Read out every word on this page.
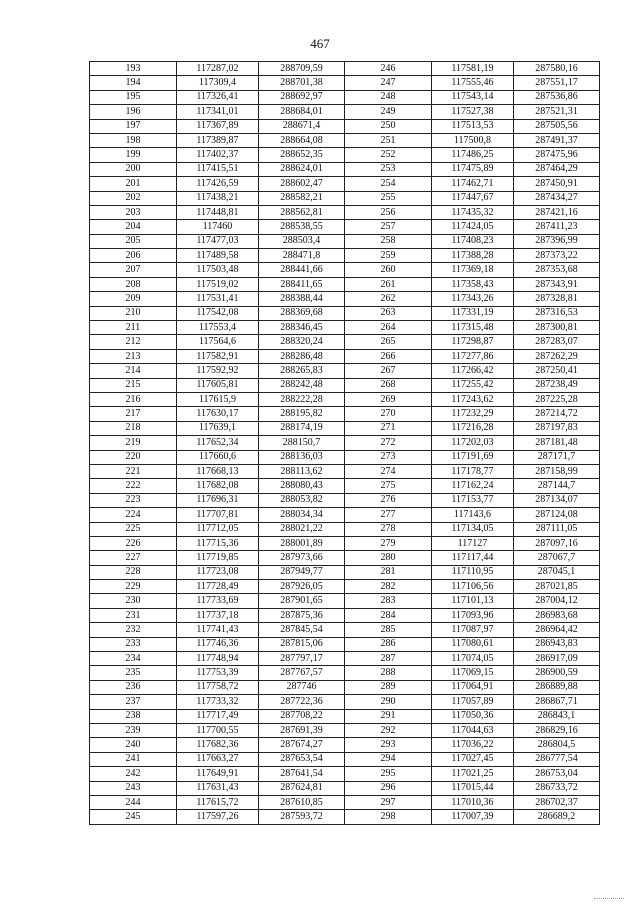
467
193	117287,02	288709,59	246	117581,19	287580,16
194	117309,4	288701,38	247	117555,46	287551,17
195	117326,41	288692,97	248	117543,14	287536,86
196	117341,01	288684,01	249	117527,38	287521,31
197	117367,89	288671,4	250	117513,53	287505,56
198	117389,87	288664,08	251	117500,8	287491,37
199	117402,37	288652,35	252	117486,25	287475,96
200	117415,51	288624,01	253	117475,89	287464,29
201	117426,59	288602,47	254	117462,71	287450,91
202	117438,21	288582,21	255	117447,67	287434,27
203	117448,81	288562,81	256	117435,32	287421,16
204	117460	288538,55	257	117424,05	287411,23
205	117477,03	288503,4	258	117408,23	287396,99
206	117489,58	288471,8	259	117388,28	287373,22
207	117503,48	288441,66	260	117369,18	287353,68
208	117519,02	288411,65	261	117358,43	287343,91
209	117531,41	288388,44	262	117343,26	287328,81
210	117542,08	288369,68	263	117331,19	287316,53
211	117553,4	288346,45	264	117315,48	287300,81
212	117564,6	288320,24	265	117298,87	287283,07
213	117582,91	288286,48	266	117277,86	287262,29
214	117592,92	288265,83	267	117266,42	287250,41
215	117605,81	288242,48	268	117255,42	287238,49
216	117615,9	288222,28	269	117243,62	287225,28
217	117630,17	288195,82	270	117232,29	287214,72
218	117639,1	288174,19	271	117216,28	287197,83
219	117652,34	288150,7	272	117202,03	287181,48
220	117660,6	288136,03	273	117191,69	287171,7
221	117668,13	288113,62	274	117178,77	287158,99
222	117682,08	288080,43	275	117162,24	287144,7
223	117696,31	288053,82	276	117153,77	287134,07
224	117707,81	288034,34	277	117143,6	287124,08
225	117712,05	288021,22	278	117134,05	287111,05
226	117715,36	288001,89	279	117127	287097,16
227	117719,85	287973,66	280	117117,44	287067,7
228	117723,08	287949,77	281	117110,95	287045,1
229	117728,49	287926,05	282	117106,56	287021,85
230	117733,69	287901,65	283	117101,13	287004,12
231	117737,18	287875,36	284	117093,96	286983,68
232	117741,43	287845,54	285	117087,97	286964,42
233	117746,36	287815,06	286	117080,61	286943,83
234	117748,94	287797,17	287	117074,05	286917,09
235	117753,39	287767,57	288	117069,15	286900,59
236	117758,72	287746	289	117064,91	286889,88
237	117733,32	287722,36	290	117057,89	286867,71
238	117717,49	287708,22	291	117050,36	286843,1
239	117700,55	287691,39	292	117044,63	286829,16
240	117682,36	287674,27	293	117036,22	286804,5
241	117663,27	287653,54	294	117027,45	286777,54
242	117649,91	287641,54	295	117021,25	286753,04
243	117631,43	287624,81	296	117015,44	286733,72
244	117615,72	287610,85	297	117010,36	286702,37
245	117597,26	287593,72	298	117007,39	286689,2
